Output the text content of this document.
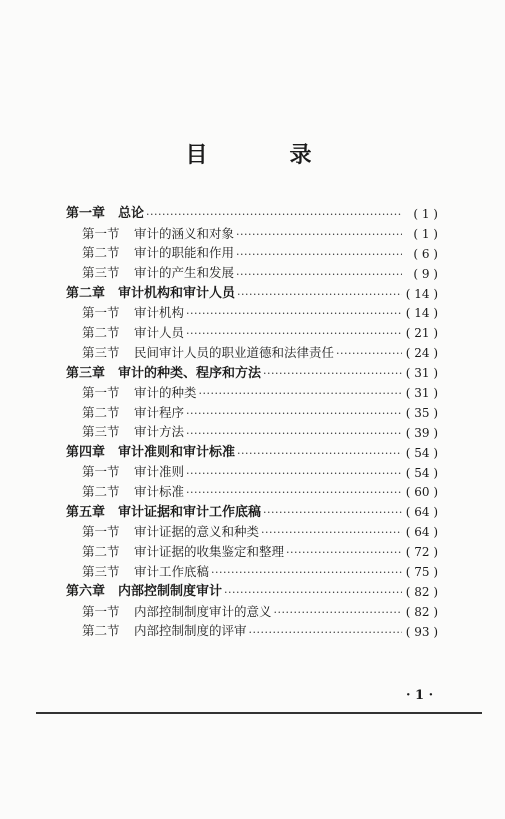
目　录
第一章 总论 ·····	( 1 )
第一节 审计的涵义和对象 ·····	( 1 )
第二节 审计的职能和作用 ·····	( 6 )
第三节 审计的产生和发展 ·····	( 9 )
第二章 审计机构和审计人员 ·····	( 14 )
第一节 审计机构 ·····	( 14 )
第二节 审计人员 ·····	( 21 )
第三节 民间审计人员的职业道德和法律责任 ·····	( 24 )
第三章 审计的种类、程序和方法 ·····	( 31 )
第一节 审计的种类 ·····	( 31 )
第二节 审计程序 ·····	( 35 )
第三节 审计方法 ·····	( 39 )
第四章 审计准则和审计标准 ·····	( 54 )
第一节 审计准则 ·····	( 54 )
第二节 审计标准 ·····	( 60 )
第五章 审计证据和审计工作底稿 ·····	( 64 )
第一节 审计证据的意义和种类 ·····	( 64 )
第二节 审计证据的收集鉴定和整理 ·····	( 72 )
第三节 审计工作底稿 ·····	( 75 )
第六章 内部控制制度审计 ·····	( 82 )
第一节 内部控制制度审计的意义 ·····	( 82 )
第二节 内部控制制度的评审 ·····	( 93 )
· 1 ·
